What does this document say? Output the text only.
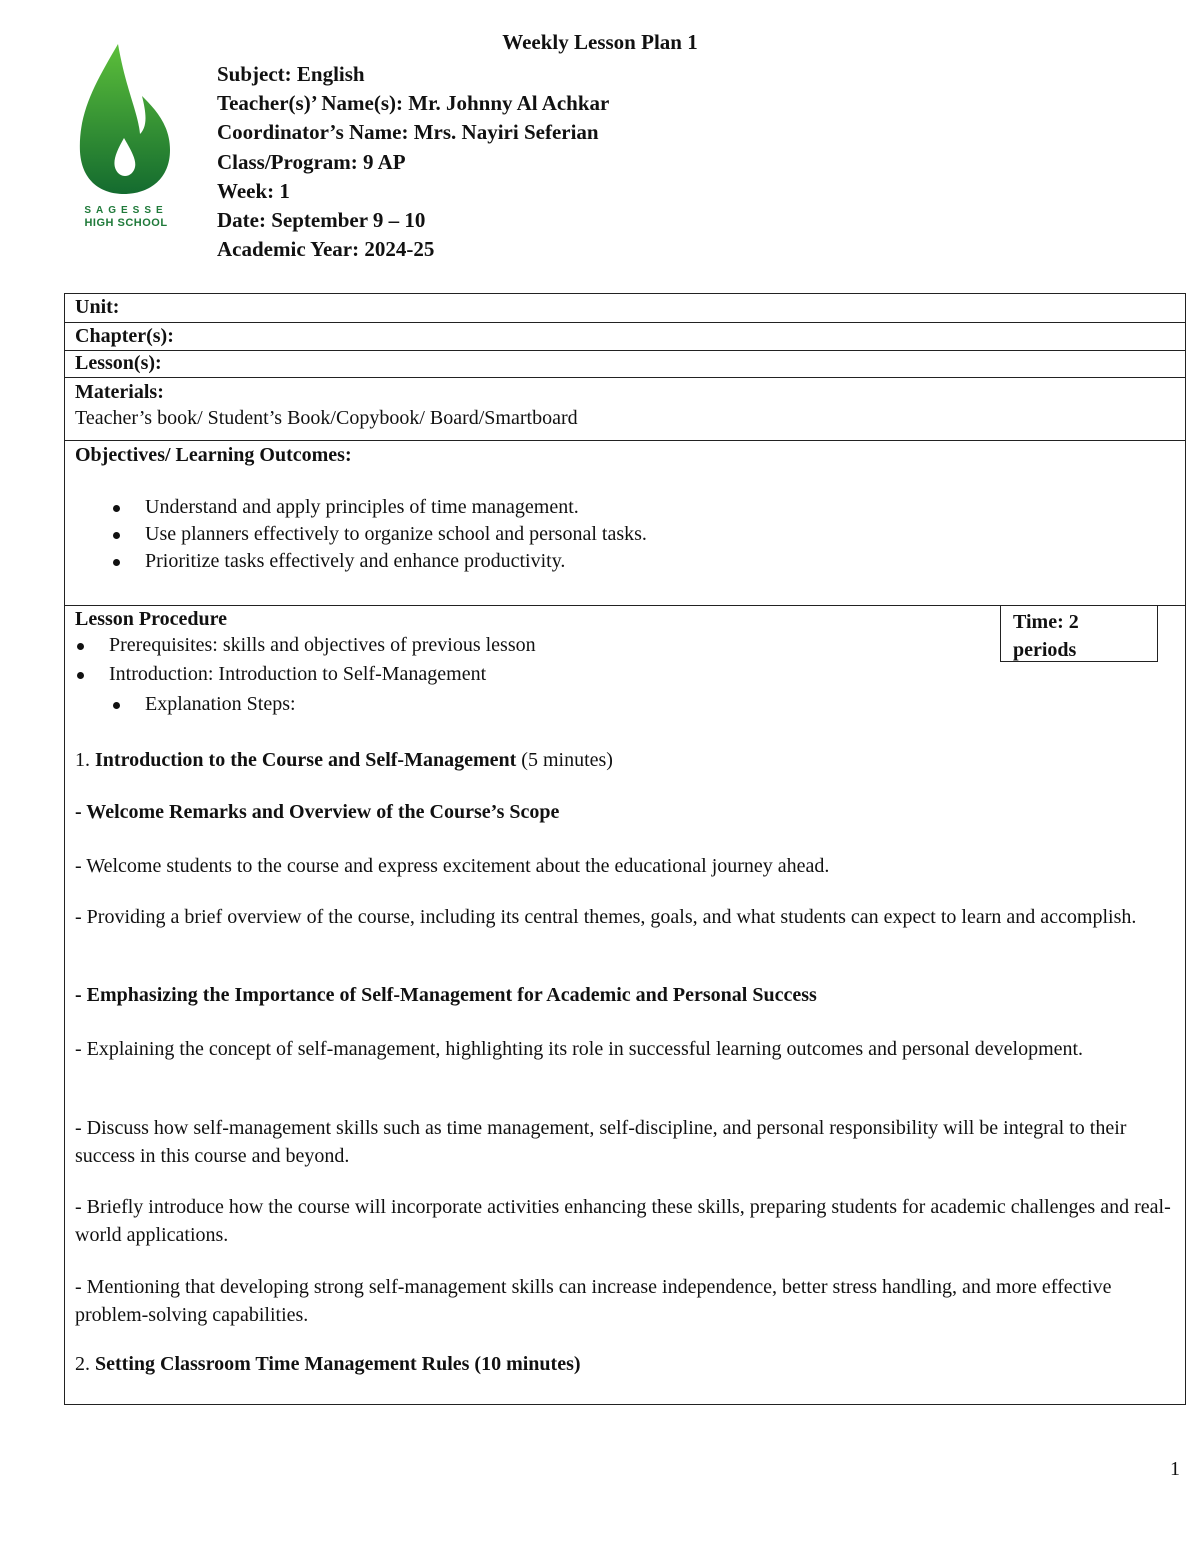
SAGESSE
HIGH SCHOOL
Weekly Lesson Plan 1
Subject: English
Teacher(s)’ Name(s): Mr. Johnny Al Achkar
Coordinator’s Name: Mrs. Nayiri Seferian
Class/Program: 9 AP
Week: 1
Date: September 9 – 10
Academic Year: 2024-25
Unit:
Chapter(s):
Lesson(s):
Materials:
Teacher’s book/ Student’s Book/Copybook/ Board/Smartboard
Objectives/ Learning Outcomes:
Understand and apply principles of time management.
Use planners effectively to organize school and personal tasks.
Prioritize tasks effectively and enhance productivity.
Lesson Procedure	Time: 2
periods
Prerequisites: skills and objectives of previous lesson
Introduction: Introduction to Self-Management
Explanation Steps:
1. Introduction to the Course and Self-Management (5 minutes)
- Welcome Remarks and Overview of the Course’s Scope
- Welcome students to the course and express excitement about the educational journey ahead.
- Providing a brief overview of the course, including its central themes, goals, and what students can expect to learn and accomplish.
- Emphasizing the Importance of Self-Management for Academic and Personal Success
- Explaining the concept of self-management, highlighting its role in successful learning outcomes and personal development.
- Discuss how self-management skills such as time management, self-discipline, and personal responsibility will be integral to their success in this course and beyond.
- Briefly introduce how the course will incorporate activities enhancing these skills, preparing students for academic challenges and real-world applications.
- Mentioning that developing strong self-management skills can increase independence, better stress handling, and more effective problem-solving capabilities.
2. Setting Classroom Time Management Rules (10 minutes)
1
